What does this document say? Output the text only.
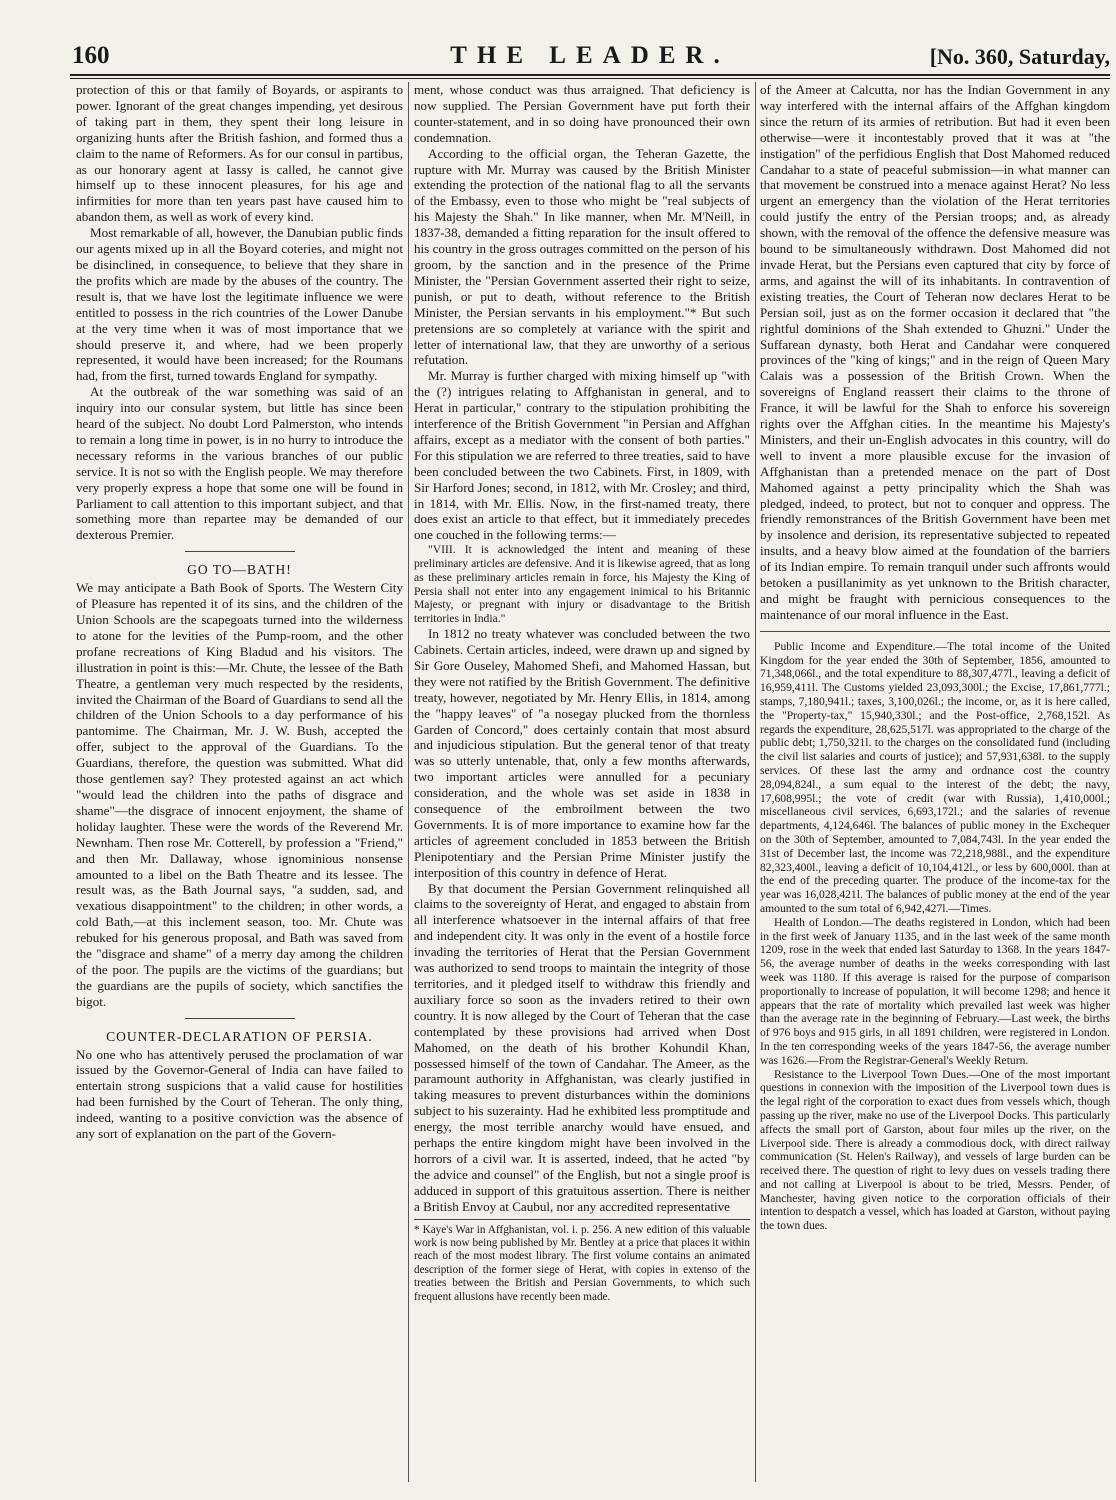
160	THE LEADER.	[No. 360, Saturday,

protection of this or that family of Boyards, or aspirants to power. Ignorant of the great changes impending, yet desirous of taking part in them, they spent their long leisure in organizing hunts after the British fashion, and formed thus a claim to the name of Reformers. As for our consul in partibus, as our honorary agent at Iassy is called, he cannot give himself up to these innocent pleasures, for his age and infirmities for more than ten years past have caused him to abandon them, as well as work of every kind.

Most remarkable of all, however, the Danubian public finds our agents mixed up in all the Boyard coteries, and might not be disinclined, in consequence, to believe that they share in the profits which are made by the abuses of the country. The result is, that we have lost the legitimate influence we were entitled to possess in the rich countries of the Lower Danube at the very time when it was of most importance that we should preserve it, and where, had we been properly represented, it would have been increased; for the Roumans had, from the first, turned towards England for sympathy.

At the outbreak of the war something was said of an inquiry into our consular system, but little has since been heard of the subject. No doubt Lord Palmerston, who intends to remain a long time in power, is in no hurry to introduce the necessary reforms in the various branches of our public service. It is not so with the English people. We may therefore very properly express a hope that some one will be found in Parliament to call attention to this important subject, and that something more than repartee may be demanded of our dexterous Premier.

GO TO—BATH!

We may anticipate a Bath Book of Sports. The Western City of Pleasure has repented it of its sins, and the children of the Union Schools are the scapegoats turned into the wilderness to atone for the levities of the Pump-room, and the other profane recreations of King Bladud and his visitors. The illustration in point is this:—Mr. Chute, the lessee of the Bath Theatre, a gentleman very much respected by the residents, invited the Chairman of the Board of Guardians to send all the children of the Union Schools to a day performance of his pantomime. The Chairman, Mr. J. W. Bush, accepted the offer, subject to the approval of the Guardians. To the Guardians, therefore, the question was submitted. What did those gentlemen say? They protested against an act which "would lead the children into the paths of disgrace and shame"—the disgrace of innocent enjoyment, the shame of holiday laughter. These were the words of the Reverend Mr. Newnham. Then rose Mr. Cotterell, by profession a "Friend," and then Mr. Dallaway, whose ignominious nonsense amounted to a libel on the Bath Theatre and its lessee. The result was, as the Bath Journal says, "a sudden, sad, and vexatious disappointment" to the children; in other words, a cold Bath,—at this inclement season, too. Mr. Chute was rebuked for his generous proposal, and Bath was saved from the "disgrace and shame" of a merry day among the children of the poor. The pupils are the victims of the guardians; but the guardians are the pupils of society, which sanctifies the bigot.

COUNTER-DECLARATION OF PERSIA.

No one who has attentively perused the proclamation of war issued by the Governor-General of India can have failed to entertain strong suspicions that a valid cause for hostilities had been furnished by the Court of Teheran. The only thing, indeed, wanting to a positive conviction was the absence of any sort of explanation on the part of the Govern-

ment, whose conduct was thus arraigned. That deficiency is now supplied. The Persian Government have put forth their counter-statement, and in so doing have pronounced their own condemnation.

According to the official organ, the Teheran Gazette, the rupture with Mr. Murray was caused by the British Minister extending the protection of the national flag to all the servants of the Embassy, even to those who might be "real subjects of his Majesty the Shah." In like manner, when Mr. M'Neill, in 1837-38, demanded a fitting reparation for the insult offered to his country in the gross outrages committed on the person of his groom, by the sanction and in the presence of the Prime Minister, the "Persian Government asserted their right to seize, punish, or put to death, without reference to the British Minister, the Persian servants in his employment."* But such pretensions are so completely at variance with the spirit and letter of international law, that they are unworthy of a serious refutation.

Mr. Murray is further charged with mixing himself up "with the (?) intrigues relating to Affghanistan in general, and to Herat in particular," contrary to the stipulation prohibiting the interference of the British Government "in Persian and Affghan affairs, except as a mediator with the consent of both parties." For this stipulation we are referred to three treaties, said to have been concluded between the two Cabinets. First, in 1809, with Sir Harford Jones; second, in 1812, with Mr. Crosley; and third, in 1814, with Mr. Ellis. Now, in the first-named treaty, there does exist an article to that effect, but it immediately precedes one couched in the following terms:—

"VIII. It is acknowledged the intent and meaning of these preliminary articles are defensive. And it is likewise agreed, that as long as these preliminary articles remain in force, his Majesty the King of Persia shall not enter into any engagement inimical to his Britannic Majesty, or pregnant with injury or disadvantage to the British territories in India."

In 1812 no treaty whatever was concluded between the two Cabinets. Certain articles, indeed, were drawn up and signed by Sir Gore Ouseley, Mahomed Shefi, and Mahomed Hassan, but they were not ratified by the British Government. The definitive treaty, however, negotiated by Mr. Henry Ellis, in 1814, among the "happy leaves" of "a nosegay plucked from the thornless Garden of Concord," does certainly contain that most absurd and injudicious stipulation. But the general tenor of that treaty was so utterly untenable, that, only a few months afterwards, two important articles were annulled for a pecuniary consideration, and the whole was set aside in 1838 in consequence of the embroilment between the two Governments. It is of more importance to examine how far the articles of agreement concluded in 1853 between the British Plenipotentiary and the Persian Prime Minister justify the interposition of this country in defence of Herat.

By that document the Persian Government relinquished all claims to the sovereignty of Herat, and engaged to abstain from all interference whatsoever in the internal affairs of that free and independent city. It was only in the event of a hostile force invading the territories of Herat that the Persian Government was authorized to send troops to maintain the integrity of those territories, and it pledged itself to withdraw this friendly and auxiliary force so soon as the invaders retired to their own country. It is now alleged by the Court of Teheran that the case contemplated by these provisions had arrived when Dost Mahomed, on the death of his brother Kohundil Khan, possessed himself of the town of Candahar. The Ameer, as the paramount authority in Affghanistan, was clearly justified in taking measures to prevent disturbances within the dominions subject to his suzerainty. Had he exhibited less promptitude and energy, the most terrible anarchy would have ensued, and perhaps the entire kingdom might have been involved in the horrors of a civil war. It is asserted, indeed, that he acted "by the advice and counsel" of the English, but not a single proof is adduced in support of this gratuitous assertion. There is neither a British Envoy at Caubul, nor any accredited representative

* Kaye's War in Affghanistan, vol. i. p. 256. A new edition of this valuable work is now being published by Mr. Bentley at a price that places it within reach of the most modest library. The first volume contains an animated description of the former siege of Herat, with copies in extenso of the treaties between the British and Persian Governments, to which such frequent allusions have recently been made.

of the Ameer at Calcutta, nor has the Indian Government in any way interfered with the internal affairs of the Affghan kingdom since the return of its armies of retribution. But had it even been otherwise—were it incontestably proved that it was at "the instigation" of the perfidious English that Dost Mahomed reduced Candahar to a state of peaceful submission—in what manner can that movement be construed into a menace against Herat? No less urgent an emergency than the violation of the Herat territories could justify the entry of the Persian troops; and, as already shown, with the removal of the offence the defensive measure was bound to be simultaneously withdrawn. Dost Mahomed did not invade Herat, but the Persians even captured that city by force of arms, and against the will of its inhabitants. In contravention of existing treaties, the Court of Teheran now declares Herat to be Persian soil, just as on the former occasion it declared that "the rightful dominions of the Shah extended to Ghuzni." Under the Suffarean dynasty, both Herat and Candahar were conquered provinces of the "king of kings;" and in the reign of Queen Mary Calais was a possession of the British Crown. When the sovereigns of England reassert their claims to the throne of France, it will be lawful for the Shah to enforce his sovereign rights over the Affghan cities. In the meantime his Majesty's Ministers, and their un-English advocates in this country, will do well to invent a more plausible excuse for the invasion of Affghanistan than a pretended menace on the part of Dost Mahomed against a petty principality which the Shah was pledged, indeed, to protect, but not to conquer and oppress. The friendly remonstrances of the British Government have been met by insolence and derision, its representative subjected to repeated insults, and a heavy blow aimed at the foundation of the barriers of its Indian empire. To remain tranquil under such affronts would betoken a pusillanimity as yet unknown to the British character, and might be fraught with pernicious consequences to the maintenance of our moral influence in the East.

Public Income and Expenditure.—The total income of the United Kingdom for the year ended the 30th of September, 1856, amounted to 71,348,066l., and the total expenditure to 88,307,477l., leaving a deficit of 16,959,411l. The Customs yielded 23,093,300l.; the Excise, 17,861,777l.; stamps, 7,180,941l.; taxes, 3,100,026l.; the income, or, as it is here called, the "Property-tax," 15,940,330l.; and the Post-office, 2,768,152l. As regards the expenditure, 28,625,517l. was appropriated to the charge of the public debt; 1,750,321l. to the charges on the consolidated fund (including the civil list salaries and courts of justice); and 57,931,638l. to the supply services. Of these last the army and ordnance cost the country 28,094,824l., a sum equal to the interest of the debt; the navy, 17,608,995l.; the vote of credit (war with Russia), 1,410,000l.; miscellaneous civil services, 6,693,172l.; and the salaries of revenue departments, 4,124,646l. The balances of public money in the Exchequer on the 30th of September, amounted to 7,084,743l. In the year ended the 31st of December last, the income was 72,218,988l., and the expenditure 82,323,400l., leaving a deficit of 10,104,412l., or less by 600,000l. than at the end of the preceding quarter. The produce of the income-tax for the year was 16,028,421l. The balances of public money at the end of the year amounted to the sum total of 6,942,427l.—Times.

Health of London.—The deaths registered in London, which had been in the first week of January 1135, and in the last week of the same month 1209, rose in the week that ended last Saturday to 1368. In the years 1847-56, the average number of deaths in the weeks corresponding with last week was 1180. If this average is raised for the purpose of comparison proportionally to increase of population, it will become 1298; and hence it appears that the rate of mortality which prevailed last week was higher than the average rate in the beginning of February.—Last week, the births of 976 boys and 915 girls, in all 1891 children, were registered in London. In the ten corresponding weeks of the years 1847-56, the average number was 1626.—From the Registrar-General's Weekly Return.

Resistance to the Liverpool Town Dues.—One of the most important questions in connexion with the imposition of the Liverpool town dues is the legal right of the corporation to exact dues from vessels which, though passing up the river, make no use of the Liverpool Docks. This particularly affects the small port of Garston, about four miles up the river, on the Liverpool side. There is already a commodious dock, with direct railway communication (St. Helen's Railway), and vessels of large burden can be received there. The question of right to levy dues on vessels trading there and not calling at Liverpool is about to be tried, Messrs. Pender, of Manchester, having given notice to the corporation officials of their intention to despatch a vessel, which has loaded at Garston, without paying the town dues.
